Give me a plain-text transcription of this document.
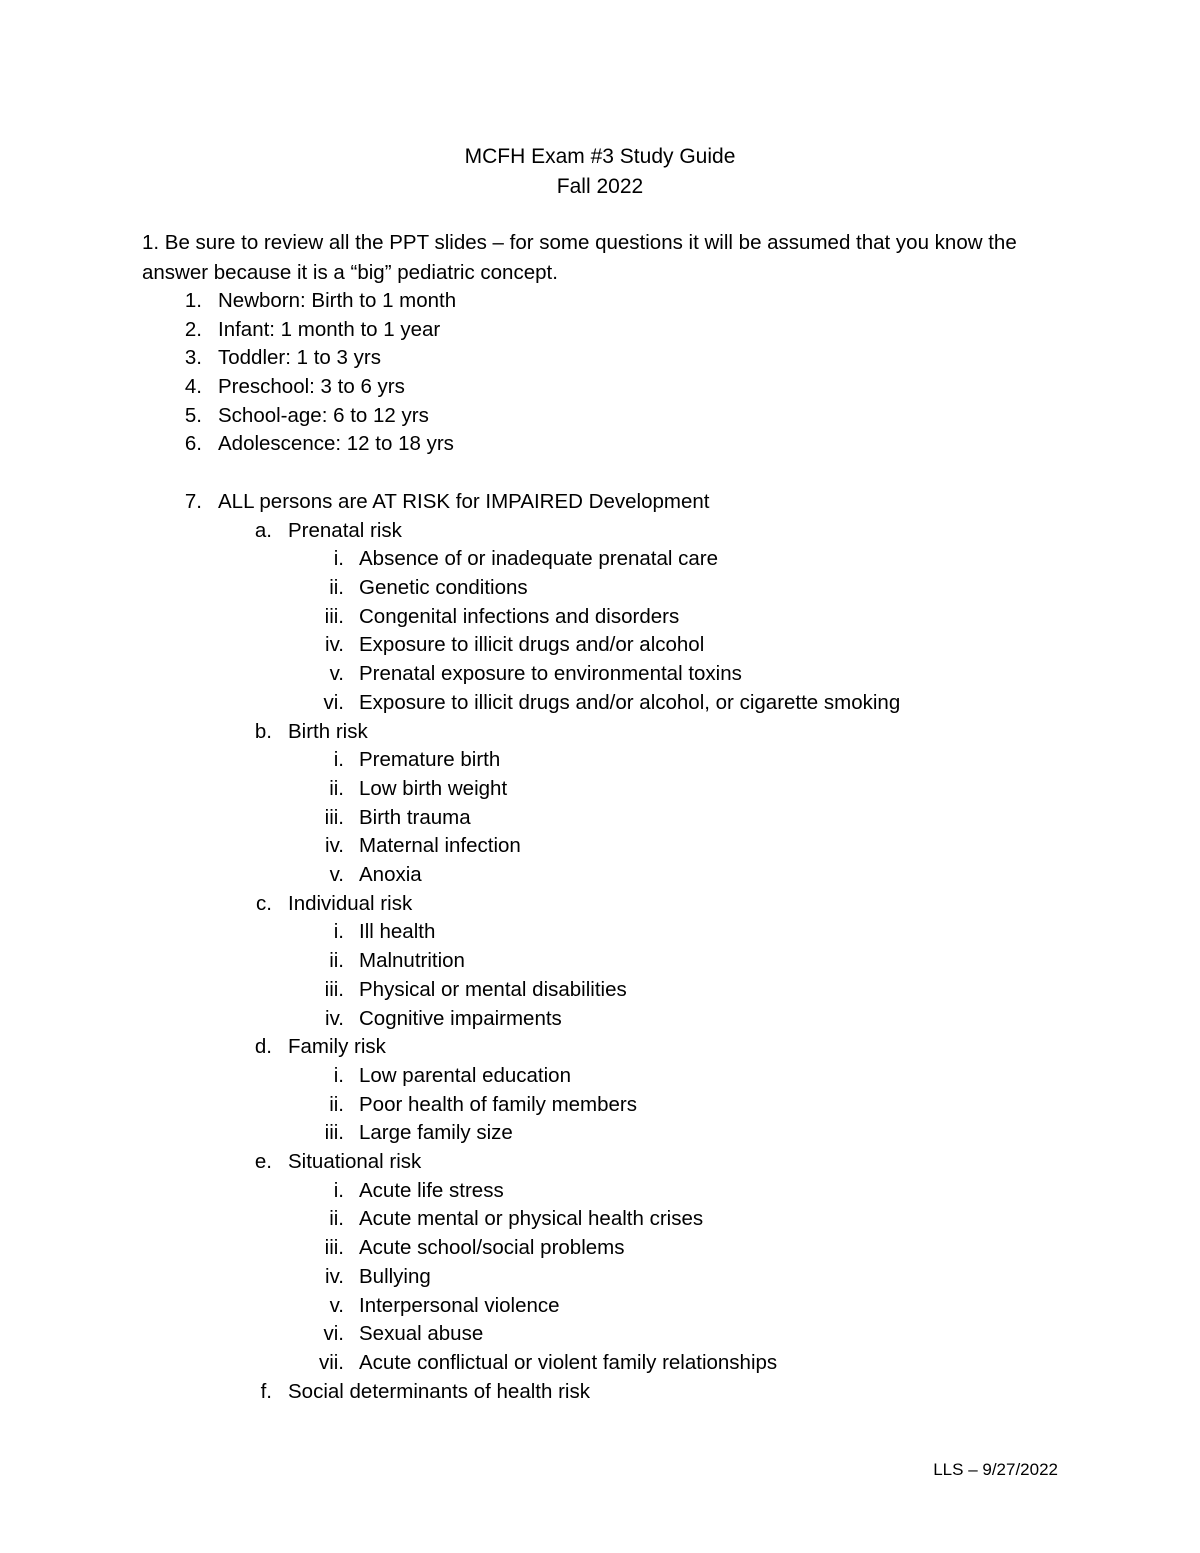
MCFH Exam #3 Study Guide
Fall 2022

1. Be sure to review all the PPT slides – for some questions it will be assumed that you know the answer because it is a “big” pediatric concept.

1. Newborn: Birth to 1 month
2. Infant: 1 month to 1 year
3. Toddler: 1 to 3 yrs
4. Preschool: 3 to 6 yrs
5. School-age: 6 to 12 yrs
6. Adolescence: 12 to 18 yrs
7. ALL persons are AT RISK for IMPAIRED Development
a. Prenatal risk
i. Absence of or inadequate prenatal care
ii. Genetic conditions
iii. Congenital infections and disorders
iv. Exposure to illicit drugs and/or alcohol
v. Prenatal exposure to environmental toxins
vi. Exposure to illicit drugs and/or alcohol, or cigarette smoking
b. Birth risk
i. Premature birth
ii. Low birth weight
iii. Birth trauma
iv. Maternal infection
v. Anoxia
c. Individual risk
i. Ill health
ii. Malnutrition
iii. Physical or mental disabilities
iv. Cognitive impairments
d. Family risk
i. Low parental education
ii. Poor health of family members
iii. Large family size
e. Situational risk
i. Acute life stress
ii. Acute mental or physical health crises
iii. Acute school/social problems
iv. Bullying
v. Interpersonal violence
vi. Sexual abuse
vii. Acute conflictual or violent family relationships
f. Social determinants of health risk
LLS – 9/27/2022
